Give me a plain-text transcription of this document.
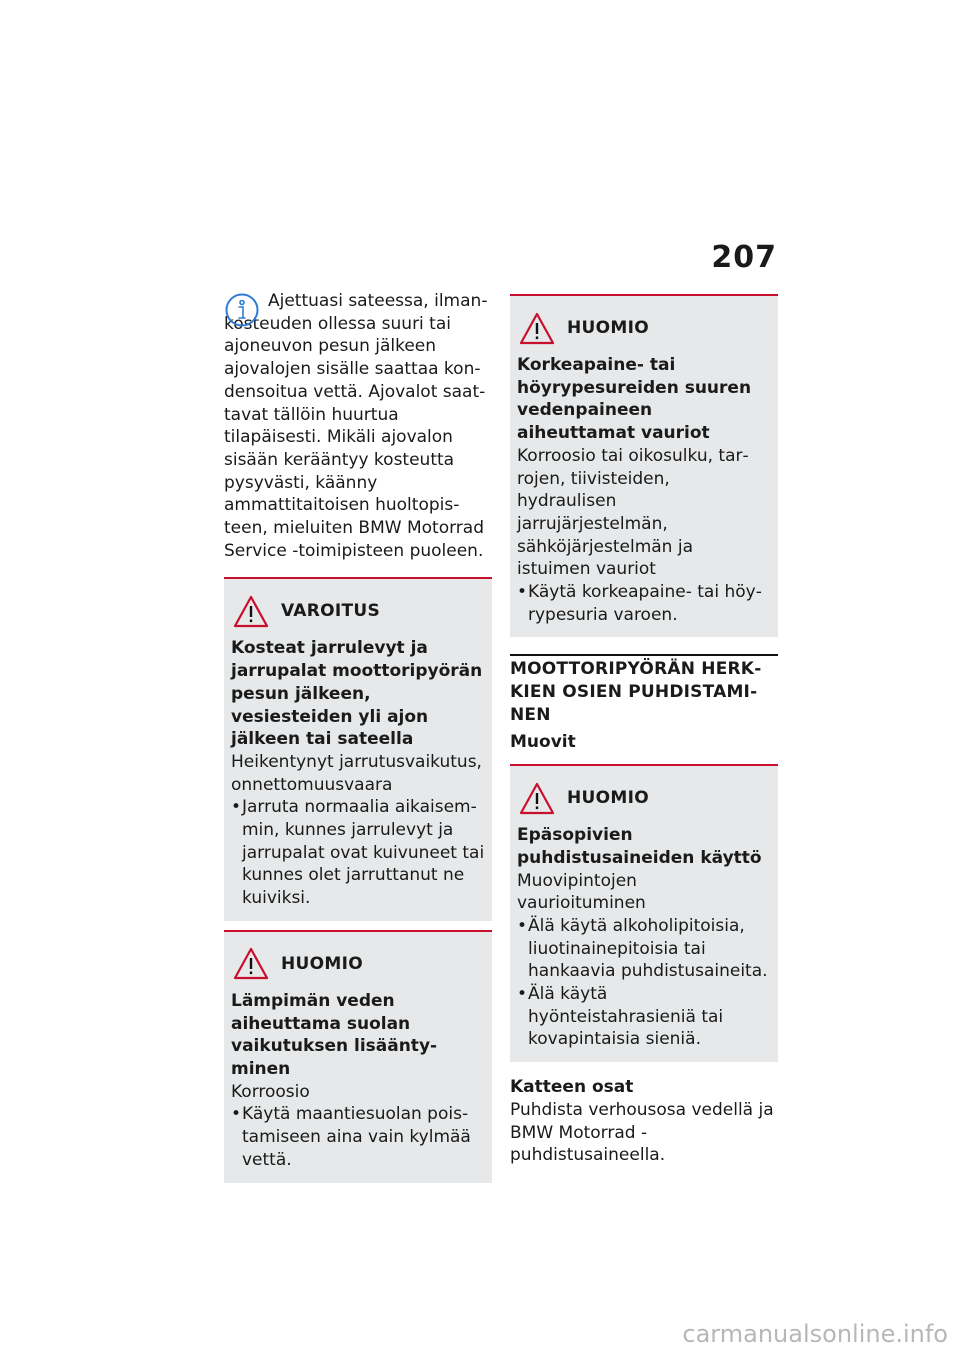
207

Ajettuasi sateessa, ilmankosteuden ollessa suuri tai ajoneuvon pesun jälkeen ajovalojen sisälle saattaa kondensoitua vettä. Ajovalot saattavat tällöin huurtua tilapäisesti. Mikäli ajovalon sisään kerääntyy kosteutta pysyvästi, käänny ammattitaitoisen huoltopisteen, mieluiten BMW Motorrad Service -toimipisteen puoleen.

VAROITUS

Kosteat jarrulevyt ja jarrupalat moottoripyörän pesun jälkeen, vesiesteiden yli ajon jälkeen tai sateella

Heikentynyt jarrutusvaikutus, onnettomuusvaara

• Jarruta normaalia aikaisemmin, kunnes jarrulevyt ja jarrupalat ovat kuivuneet tai kunnes olet jarruttanut ne kuiviksi.
HUOMIO

Lämpimän veden aiheuttama suolan vaikutuksen lisääntyminen

Korroosio

• Käytä maantiesuolan poistamiseen aina vain kylmää vettä.
HUOMIO

Korkeapaine- tai höyrypesureiden suuren vedenpaineen aiheuttamat vauriot

Korroosio tai oikosulku, tarrojen, tiivisteiden, hydraulisen jarrujärjestelmän, sähköjärjestelmän ja istuimen vauriot

• Käytä korkeapaine- tai höyrypesuria varoen.
MOOTTORIPYÖRÄN HERKKIEN OSIEN PUHDISTAMINEN

Muovit

HUOMIO

Epäsopivien puhdistusaineiden käyttö

Muovipintojen vaurioituminen

• Älä käytä alkoholipitoisia, liuotinainepitoisia tai hankaavia puhdistusaineita.
• Älä käytä hyönteistahrasieniä tai kovapintaisia sieniä.

Katteen osat

Puhdista verhousosa vedellä ja BMW Motorrad -puhdistusaineella.

carmanualsonline.info
